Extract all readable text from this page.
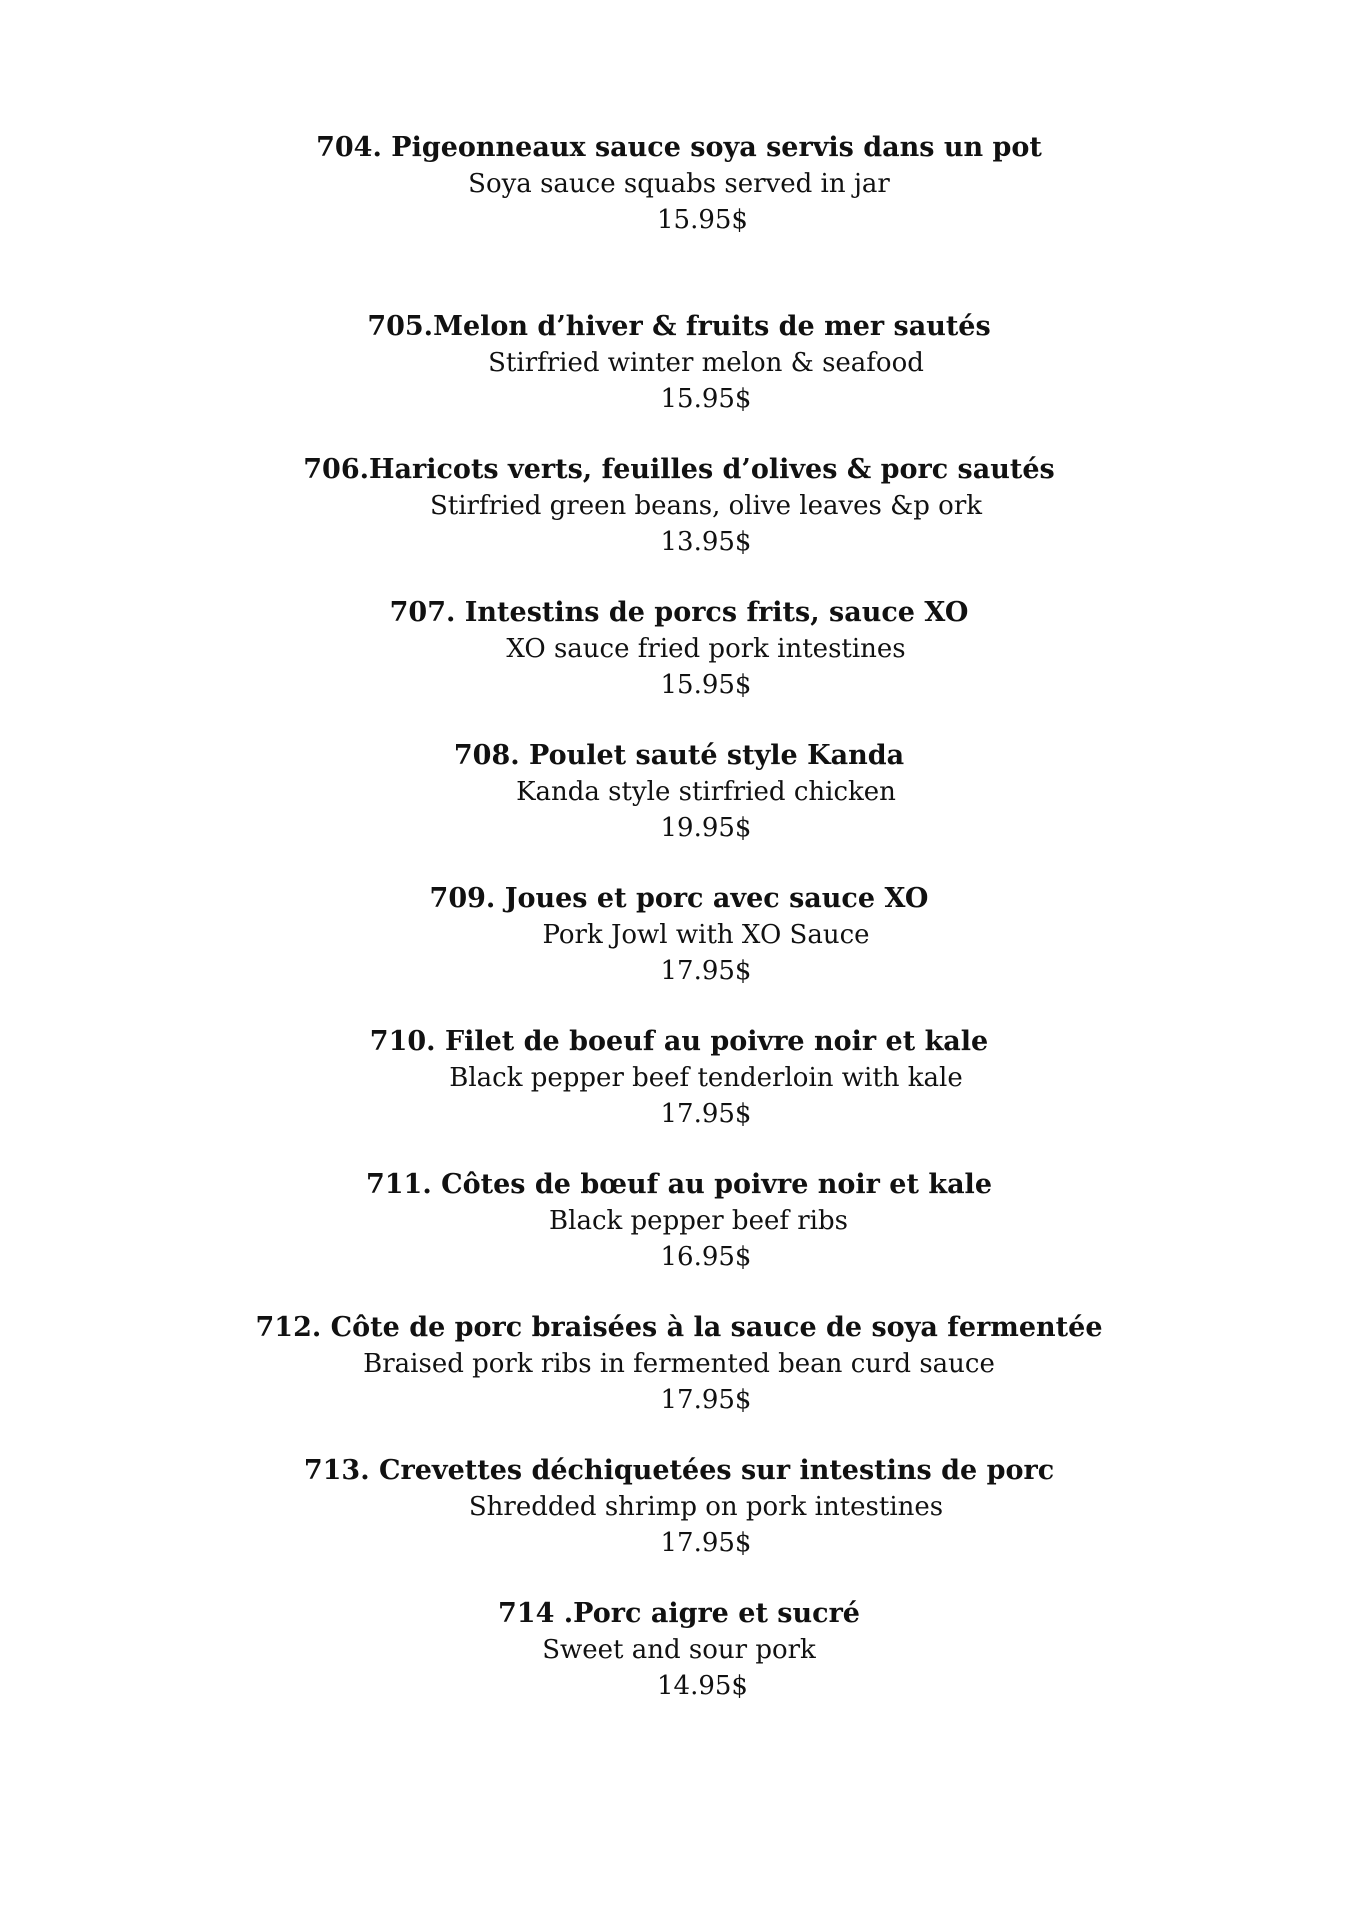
704. Pigeonneaux sauce soya servis dans un pot
Soya sauce squabs served in jar
15.95$
705.Melon d’hiver & fruits de mer sautés
Stirfried winter melon & seafood
15.95$
706.Haricots verts, feuilles d’olives & porc sautés
Stirfried green beans, olive leaves &p ork
13.95$
707. Intestins de porcs frits, sauce XO
XO sauce fried pork intestines
15.95$
708. Poulet sauté style Kanda
Kanda style stirfried chicken
19.95$
709. Joues et porc avec sauce XO
Pork Jowl with XO Sauce
17.95$
710. Filet de boeuf au poivre noir et kale
Black pepper beef tenderloin with kale
17.95$
711. Côtes de bœuf au poivre noir et kale
Black pepper beef ribs
16.95$
712. Côte de porc braisées à la sauce de soya fermentée
Braised pork ribs in fermented bean curd sauce
17.95$
713. Crevettes déchiquetées sur intestins de porc
Shredded shrimp on pork intestines
17.95$
714 .Porc aigre et sucré
Sweet and sour pork
14.95$
